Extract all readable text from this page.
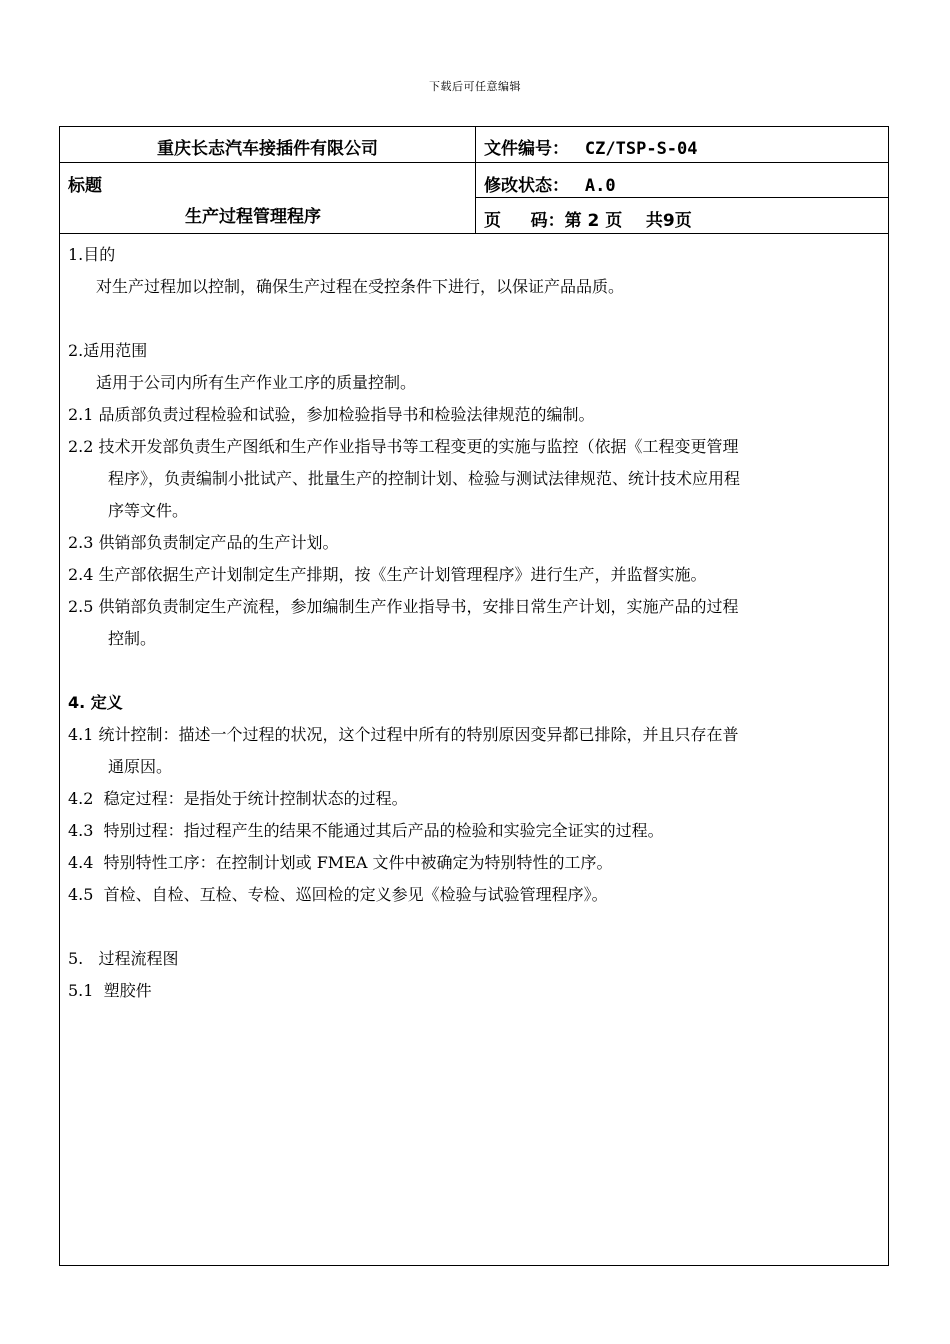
下载后可任意编辑
重庆长志汽车接插件有限公司	文件编号： CZ/TSP-S-04
标题
生产过程管理程序
修改状态： A.0
页     码：第 2 页    共9页
1.目的
对生产过程加以控制，确保生产过程在受控条件下进行，以保证产品品质。
2.适用范围
适用于公司内所有生产作业工序的质量控制。
2.1 品质部负责过程检验和试验，参加检验指导书和检验法律规范的编制。
2.2 技术开发部负责生产图纸和生产作业指导书等工程变更的实施与监控（依据《工程变更管理
程序》，负责编制小批试产、批量生产的控制计划、检验与测试法律规范、统计技术应用程
序等文件。
2.3 供销部负责制定产品的生产计划。
2.4 生产部依据生产计划制定生产排期，按《生产计划管理程序》进行生产，并监督实施。
2.5 供销部负责制定生产流程，参加编制生产作业指导书，安排日常生产计划，实施产品的过程
控制。
4. 定义
4.1 统计控制：描述一个过程的状况，这个过程中所有的特别原因变异都已排除，并且只存在普
通原因。
4.2  稳定过程：是指处于统计控制状态的过程。
4.3  特别过程：指过程产生的结果不能通过其后产品的检验和实验完全证实的过程。
4.4  特别特性工序：在控制计划或 FMEA 文件中被确定为特别特性的工序。
4.5  首检、自检、互检、专检、巡回检的定义参见《检验与试验管理程序》。
5.   过程流程图
5.1  塑胶件
